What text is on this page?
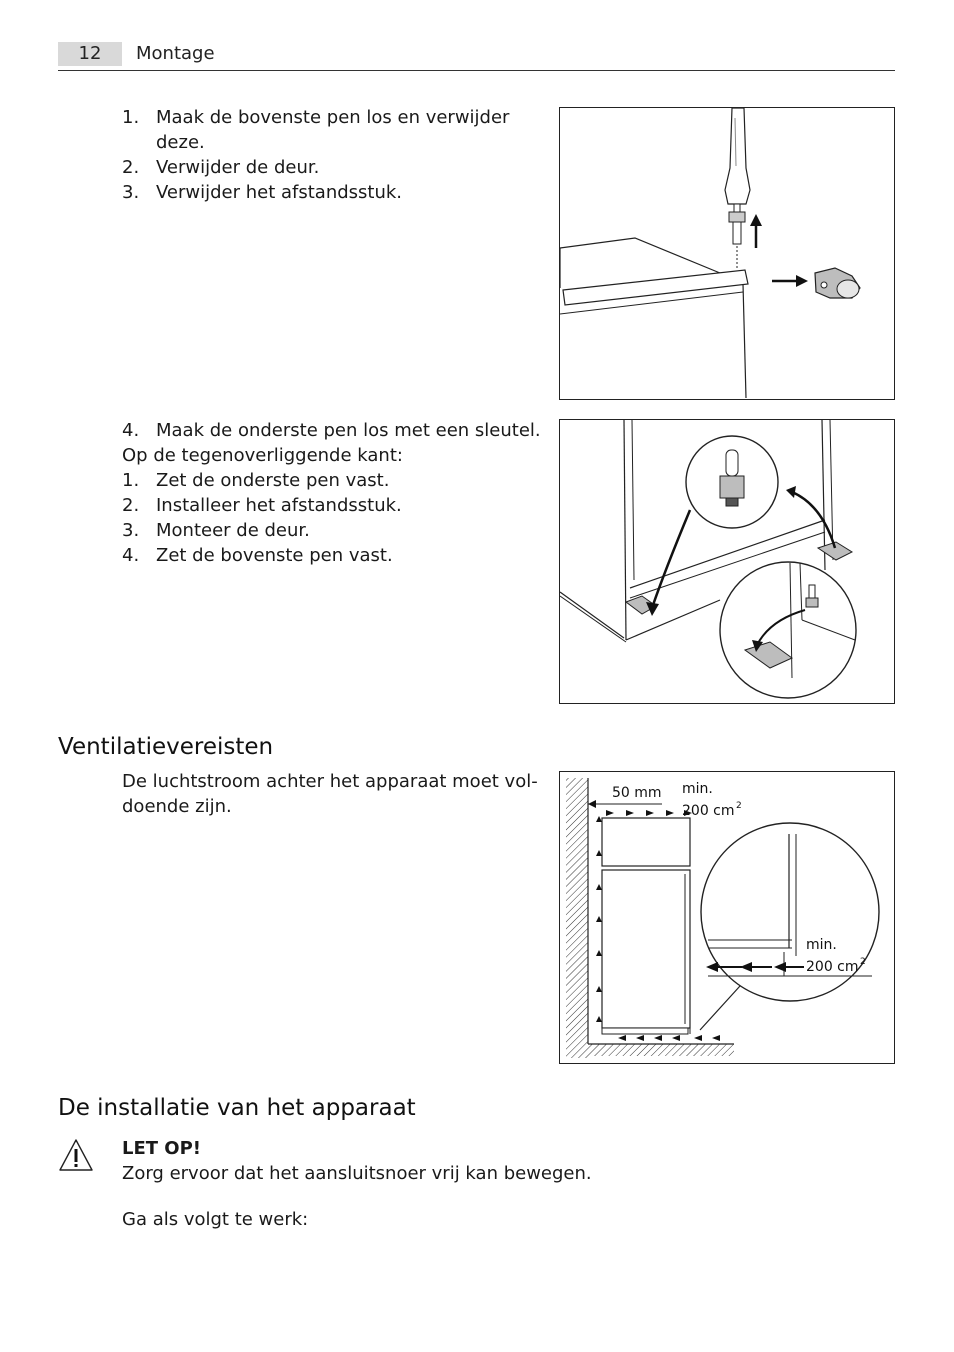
12	Montage
1. Maak de bovenste pen los en verwijder deze.
2. Verwijder de deur.
3. Verwijder het afstandsstuk.
4. Maak de onderste pen los met een sleutel.

Op de tegenoverliggende kant:

1. Zet de onderste pen vast.
2. Installeer het afstandsstuk.
3. Monteer de deur.
4. Zet de bovenste pen vast.
Ventilatievereisten

De luchtstroom achter het apparaat moet vol-

doende zijn.

50 mm min.
200 cm 2
min.
200 cm 2
De installatie van het apparaat

LET OP!

Zorg ervoor dat het aansluitsnoer vrij kan bewegen.

Ga als volgt te werk:
